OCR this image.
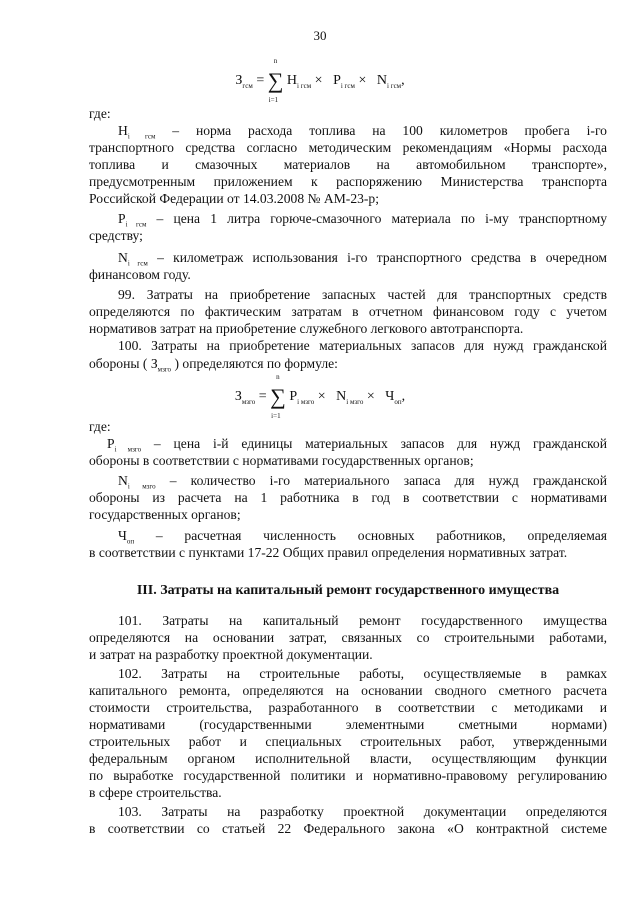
30
$З_{гсм}$ = ∑
n
i=1
$H_{i гсм} \times P_{i гсм} \times N_{i гсм}$,
где:
$H_{i гсм}$ – норма расхода топлива на 100 километров пробега i-го
транспортного средства согласно методическим рекомендациям «Нормы расхода
топлива и смазочных материалов на автомобильном транспорте»,
предусмотренным приложением к распоряжению Министерства транспорта
Российской Федерации от 14.03.2008 № АМ-23-р;
$P_{i гсм}$ – цена 1 литра горюче-смазочного материала по i-му транспортному
средству;
$N_{i гсм}$ – километраж использования i-го транспортного средства в очередном
финансовом году.
99. Затраты на приобретение запасных частей для транспортных средств
определяются по фактическим затратам в отчетном финансовом году с учетом
нормативов затрат на приобретение служебного легкового автотранспорта.
100. Затраты на приобретение материальных запасов для нужд гражданской
обороны ( $З_{мзго}$ ) определяются по формуле:
$З_{мзго}$ = ∑
n
i=1
$P_{i мзго} \times N_{i мзго} \times Ч_{оп}$,
где:
$P_{i мзго}$ – цена i-й единицы материальных запасов для нужд гражданской
обороны в соответствии с нормативами государственных органов;
$N_{i мзго}$ – количество i-го материального запаса для нужд гражданской
обороны из расчета на 1 работника в год в соответствии с нормативами
государственных органов;
$Ч_{оп}$ – расчетная численность основных работников, определяемая
в соответствии с пунктами 17-22 Общих правил определения нормативных затрат.
III. Затраты на капитальный ремонт государственного имущества
101. Затраты на капитальный ремонт государственного имущества
определяются на основании затрат, связанных со строительными работами,
и затрат на разработку проектной документации.
102. Затраты на строительные работы, осуществляемые в рамках
капитального ремонта, определяются на основании сводного сметного расчета
стоимости строительства, разработанного в соответствии с методиками и
нормативами (государственными элементными сметными нормами)
строительных работ и специальных строительных работ, утвержденными
федеральным органом исполнительной власти, осуществляющим функции
по выработке государственной политики и нормативно-правовому регулированию
в сфере строительства.
103. Затраты на разработку проектной документации определяются
в соответствии со статьей 22 Федерального закона «О контрактной системе
